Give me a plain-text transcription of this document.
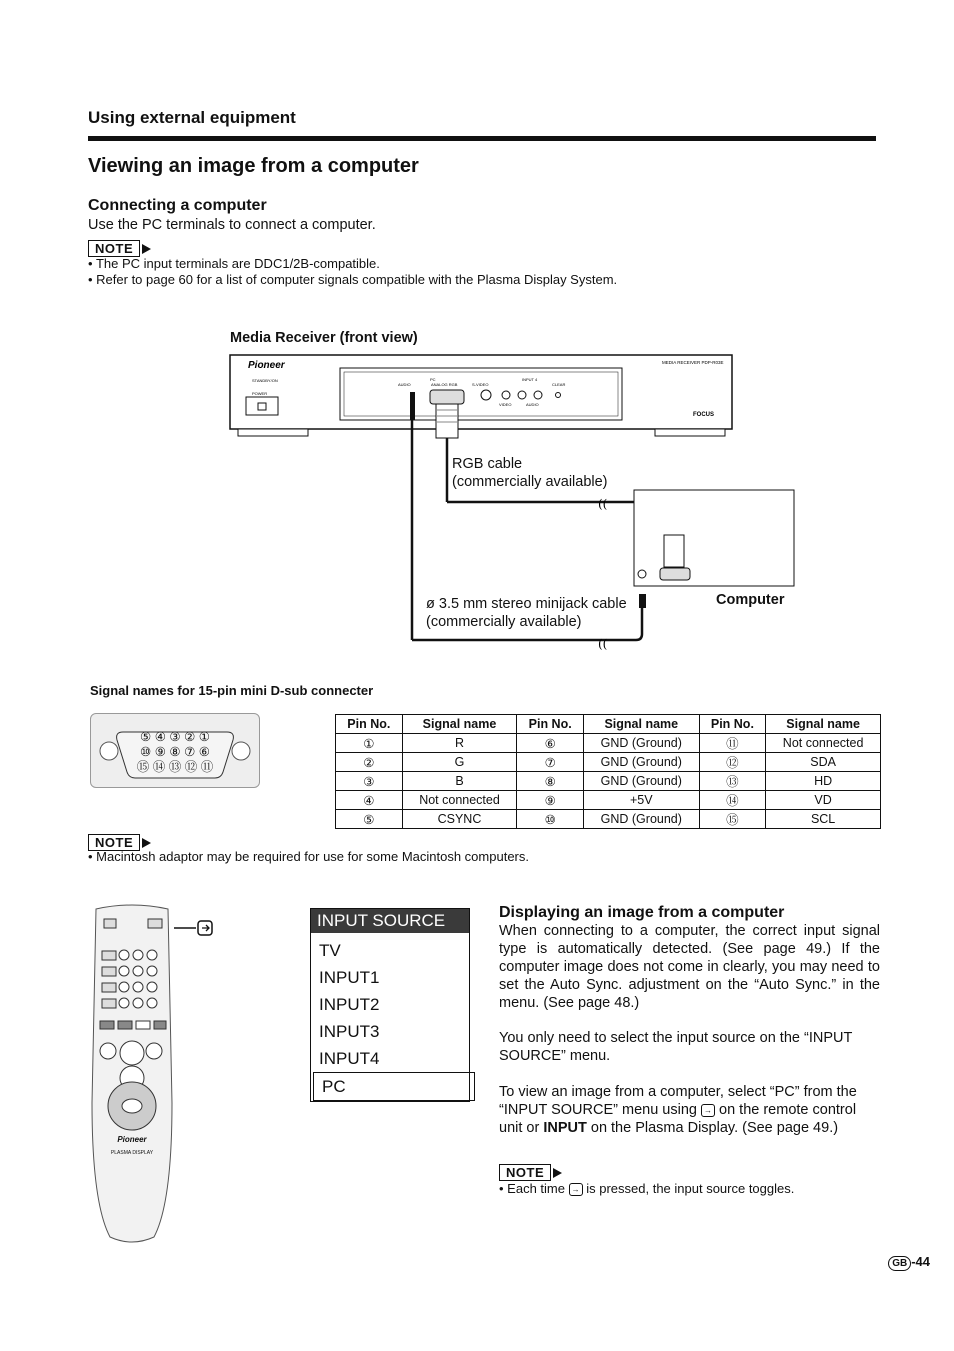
Using external equipment
Viewing an image from a computer
Connecting a computer
Use the PC terminals to connect a computer.
NOTE
• The PC input terminals are DDC1/2B-compatible.
• Refer to page 60 for a list of computer signals compatible with the Plasma Display System.
Media Receiver (front view)
((
((
Pioneer	MEDIA RECEIVER PDP-R03E
STANDBY/ON
POWER
PC
AUDIO	ANALOG RGB	S-VIDEO
INPUT 4
CLEAR
VIDEO	AUDIO
FOCUS
RGB cable
(commercially available)
ø 3.5 mm stereo minijack cable
(commercially available)
Computer
Signal names for 15-pin mini D-sub connecter
⑤ ④ ③ ② ①
⑩ ⑨ ⑧ ⑦ ⑥
⑮ ⑭ ⑬ ⑫ ⑪
Pin No.	Signal name	Pin No.	Signal name	Pin No.	Signal name
①	R	⑥	GND (Ground)	⑪	Not connected
②	G	⑦	GND (Ground)	⑫	SDA
③	B	⑧	GND (Ground)	⑬	HD
④	Not connected	⑨	+5V	⑭	VD
⑤	CSYNC	⑩	GND (Ground)	⑮	SCL
NOTE
• Macintosh adaptor may be required for use for some Macintosh computers.
Pioneer
PLASMA DISPLAY
INPUT SOURCE
TV
INPUT1
INPUT2
INPUT3
INPUT4
PC
Displaying an image from a computer
When connecting to a computer, the correct input signal type is automatically detected. (See page 49.) If the computer image does not come in clearly, you may need to set the Auto Sync. adjustment on the “Auto Sync.” in the menu. (See page 48.)
You only need to select the input source on the “INPUT SOURCE” menu.
To view an image from a computer, select “PC” from the “INPUT SOURCE” menu using → on the remote control unit or INPUT on the Plasma Display. (See page 49.)
NOTE
• Each time → is pressed, the input source toggles.
GB -44
